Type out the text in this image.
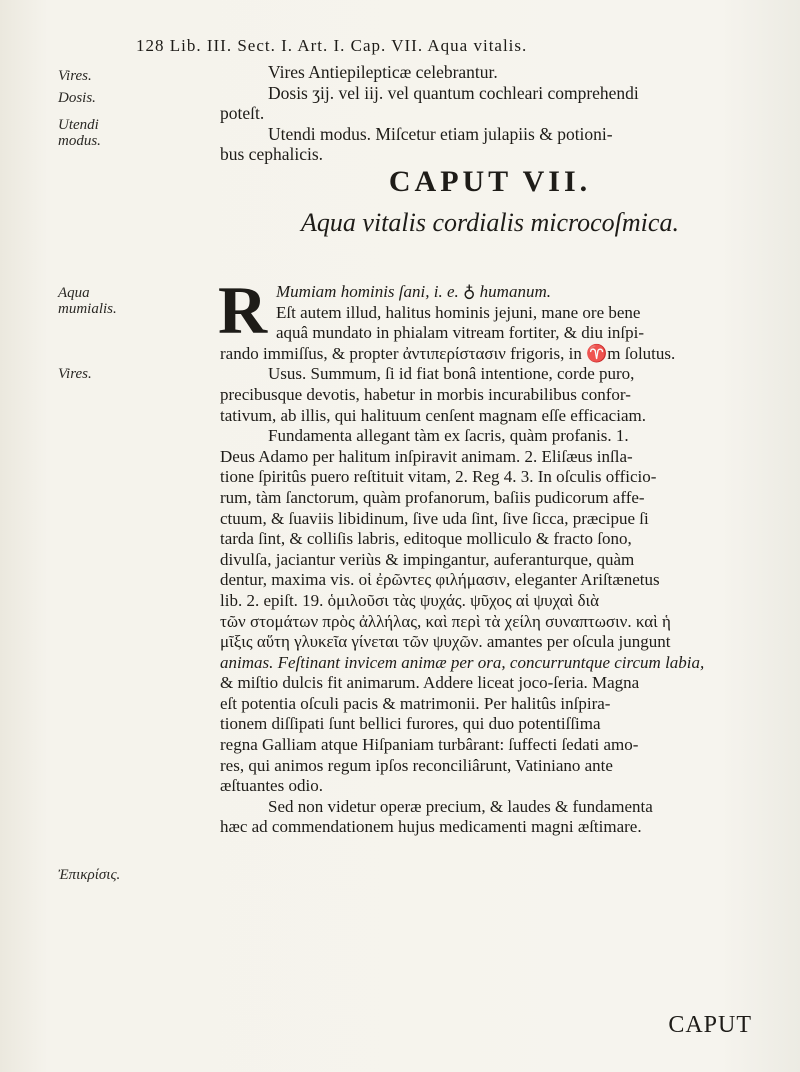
128 Lib. III. Sect. I. Art. I. Cap. VII. Aqua vitalis.
Vires.
Dosis.
Utendi modus.
Aqua mumialis.
Vires.
Ἐπικρίσις.
Vires Antiepilepticæ celebrantur.
Dosis ʒij. vel iij. vel quantum cochleari comprehendi
poteſt.
Utendi modus. Miſcetur etiam julapiis & potioni-
bus cephalicis.
CAPUT VII.
Aqua vitalis cordialis microcoſmica.
R Mumiam hominis ſani, i. e. ♁ humanum.
Eſt autem illud, halitus hominis jejuni, mane ore bene
aquâ mundato in phialam vitream fortiter, & diu inſpi-
rando immiſſus, & propter ἀντιπερίστασιν frigoris, in ♈m ſolutus.
Usus. Summum, ſi id fiat bonâ intentione, corde puro,
precibusque devotis, habetur in morbis incurabilibus confor-
tativum, ab illis, qui halituum cenſent magnam eſſe efficaciam.
Fundamenta allegant tàm ex ſacris, quàm profanis. 1.
Deus Adamo per halitum inſpiravit animam. 2. Eliſæus inſla-
tione ſpiritûs puero reſtituit vitam, 2. Reg 4. 3. In oſculis officio-
rum, tàm ſanctorum, quàm profanorum, baſiis pudicorum affe-
ctuum, & ſuaviis libidinum, ſive uda ſint, ſive ſicca, præcipue ſi
tarda ſint, & colliſis labris, editoque molliculo & fracto ſono,
divulſa, jaciantur veriùs & impingantur, auferanturque, quàm
dentur, maxima vis. οἱ ἐρῶντες φιλήμασιν, eleganter Ariſtænetus
lib. 2. epiſt. 19. ὁμιλοῦσι τὰς ψυχάς. ψῦχος αἱ ψυχαὶ διὰ
τῶν στομάτων πρὸς ἀλλήλας, καὶ περὶ τὰ χείλη συναπτωσιν. καὶ ἡ
μῖξις αὕτη γλυκεῖα γίνεται τῶν ψυχῶν. amantes per oſcula jungunt
animas. Feſtinant invicem animæ per ora, concurruntque circum labia,
& miſtio dulcis fit animarum. Addere liceat joco-ſeria. Magna
eſt potentia oſculi pacis & matrimonii. Per halitûs inſpira-
tionem diſſipati ſunt bellici furores, qui duo potentiſſima
regna Galliam atque Hiſpaniam turbârant: ſuffecti ſedati amo-
res, qui animos regum ipſos reconciliârunt, Vatiniano ante
æſtuantes odio.
Sed non videtur operæ precium, & laudes & fundamenta
hæc ad commendationem hujus medicamenti magni æſtimare.
CAPUT
